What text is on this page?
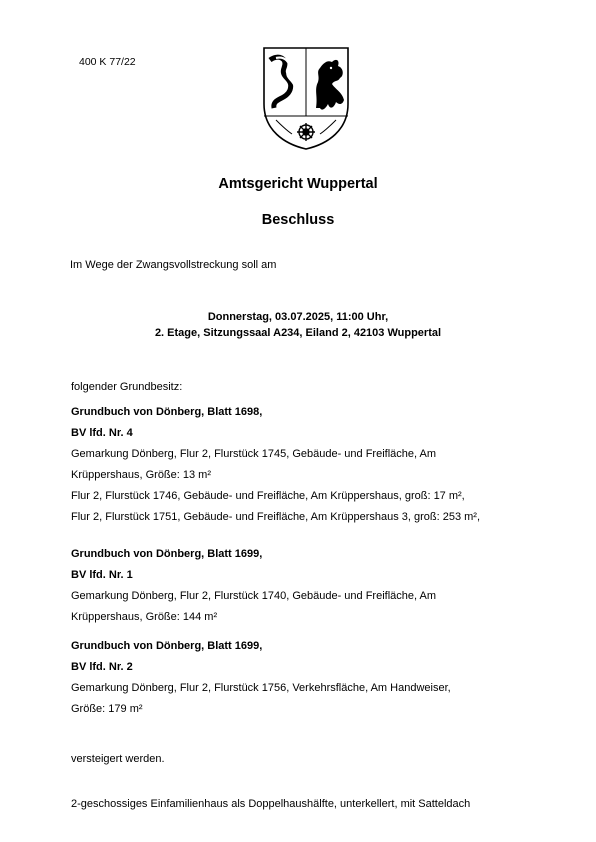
400 K 77/22
Amtsgericht Wuppertal
Beschluss
Im Wege der Zwangsvollstreckung soll am
Donnerstag, 03.07.2025, 11:00 Uhr,
2. Etage, Sitzungssaal A234, Eiland 2, 42103 Wuppertal
folgender Grundbesitz:
Grundbuch von Dönberg, Blatt 1698,
BV lfd. Nr. 4
Gemarkung Dönberg, Flur 2, Flurstück 1745, Gebäude- und Freifläche, Am
Krüppershaus, Größe: 13 m²
Flur 2, Flurstück 1746, Gebäude- und Freifläche, Am Krüppershaus, groß: 17 m²,
Flur 2, Flurstück 1751, Gebäude- und Freifläche, Am Krüppershaus 3, groß: 253 m²,
Grundbuch von Dönberg, Blatt 1699,
BV lfd. Nr. 1
Gemarkung Dönberg, Flur 2, Flurstück 1740, Gebäude- und Freifläche, Am
Krüppershaus, Größe: 144 m²
Grundbuch von Dönberg, Blatt 1699,
BV lfd. Nr. 2
Gemarkung Dönberg, Flur 2, Flurstück 1756, Verkehrsfläche, Am Handweiser,
Größe: 179 m²
versteigert werden.
2-geschossiges Einfamilienhaus als Doppelhaushälfte, unterkellert, mit Satteldach
